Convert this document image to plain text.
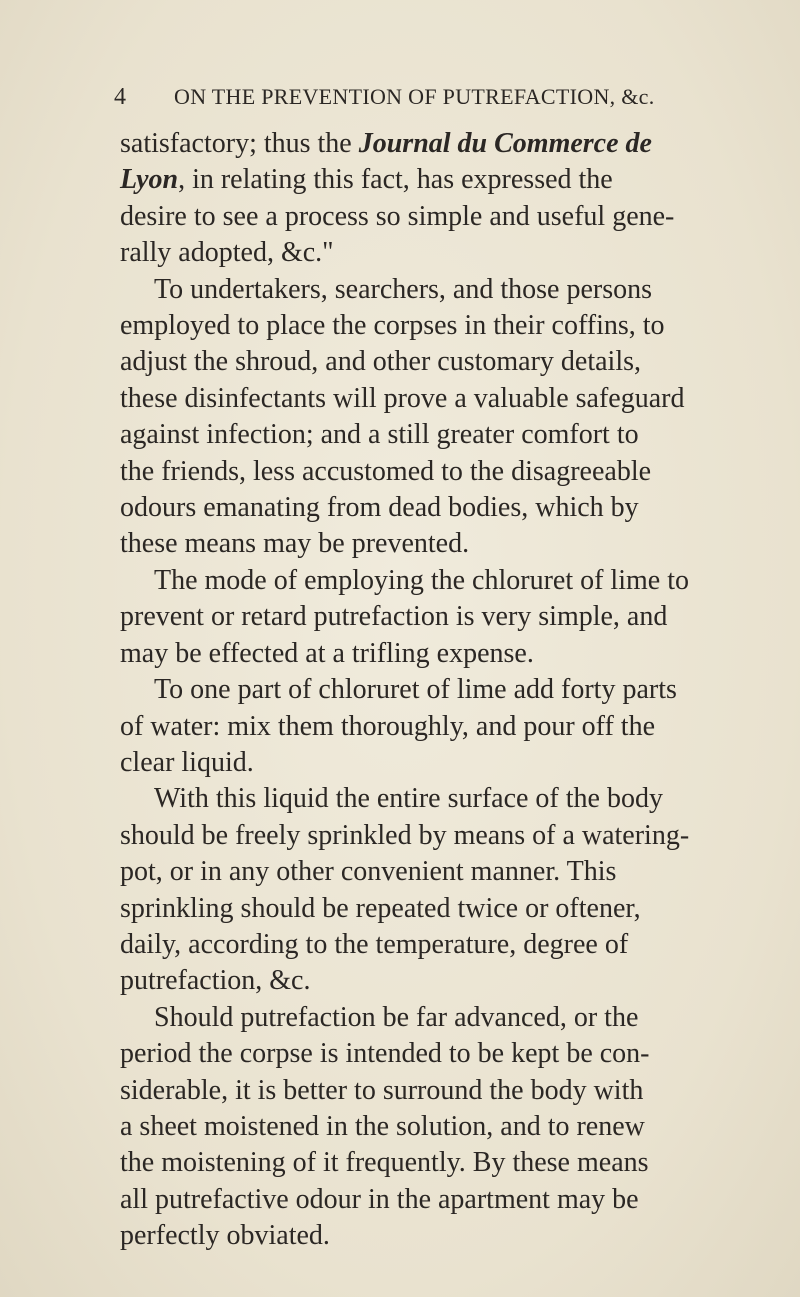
4	ON THE PREVENTION OF PUTREFACTION, &c.
satisfactory; thus the Journal du Commerce de
Lyon, in relating this fact, has expressed the
desire to see a process so simple and useful gene-
rally adopted, &c."
To undertakers, searchers, and those persons
employed to place the corpses in their coffins, to
adjust the shroud, and other customary details,
these disinfectants will prove a valuable safeguard
against infection; and a still greater comfort to
the friends, less accustomed to the disagreeable
odours emanating from dead bodies, which by
these means may be prevented.
The mode of employing the chloruret of lime to
prevent or retard putrefaction is very simple, and
may be effected at a trifling expense.
To one part of chloruret of lime add forty parts
of water: mix them thoroughly, and pour off the
clear liquid.
With this liquid the entire surface of the body
should be freely sprinkled by means of a watering-
pot, or in any other convenient manner. This
sprinkling should be repeated twice or oftener,
daily, according to the temperature, degree of
putrefaction, &c.
Should putrefaction be far advanced, or the
period the corpse is intended to be kept be con-
siderable, it is better to surround the body with
a sheet moistened in the solution, and to renew
the moistening of it frequently. By these means
all putrefactive odour in the apartment may be
perfectly obviated.
